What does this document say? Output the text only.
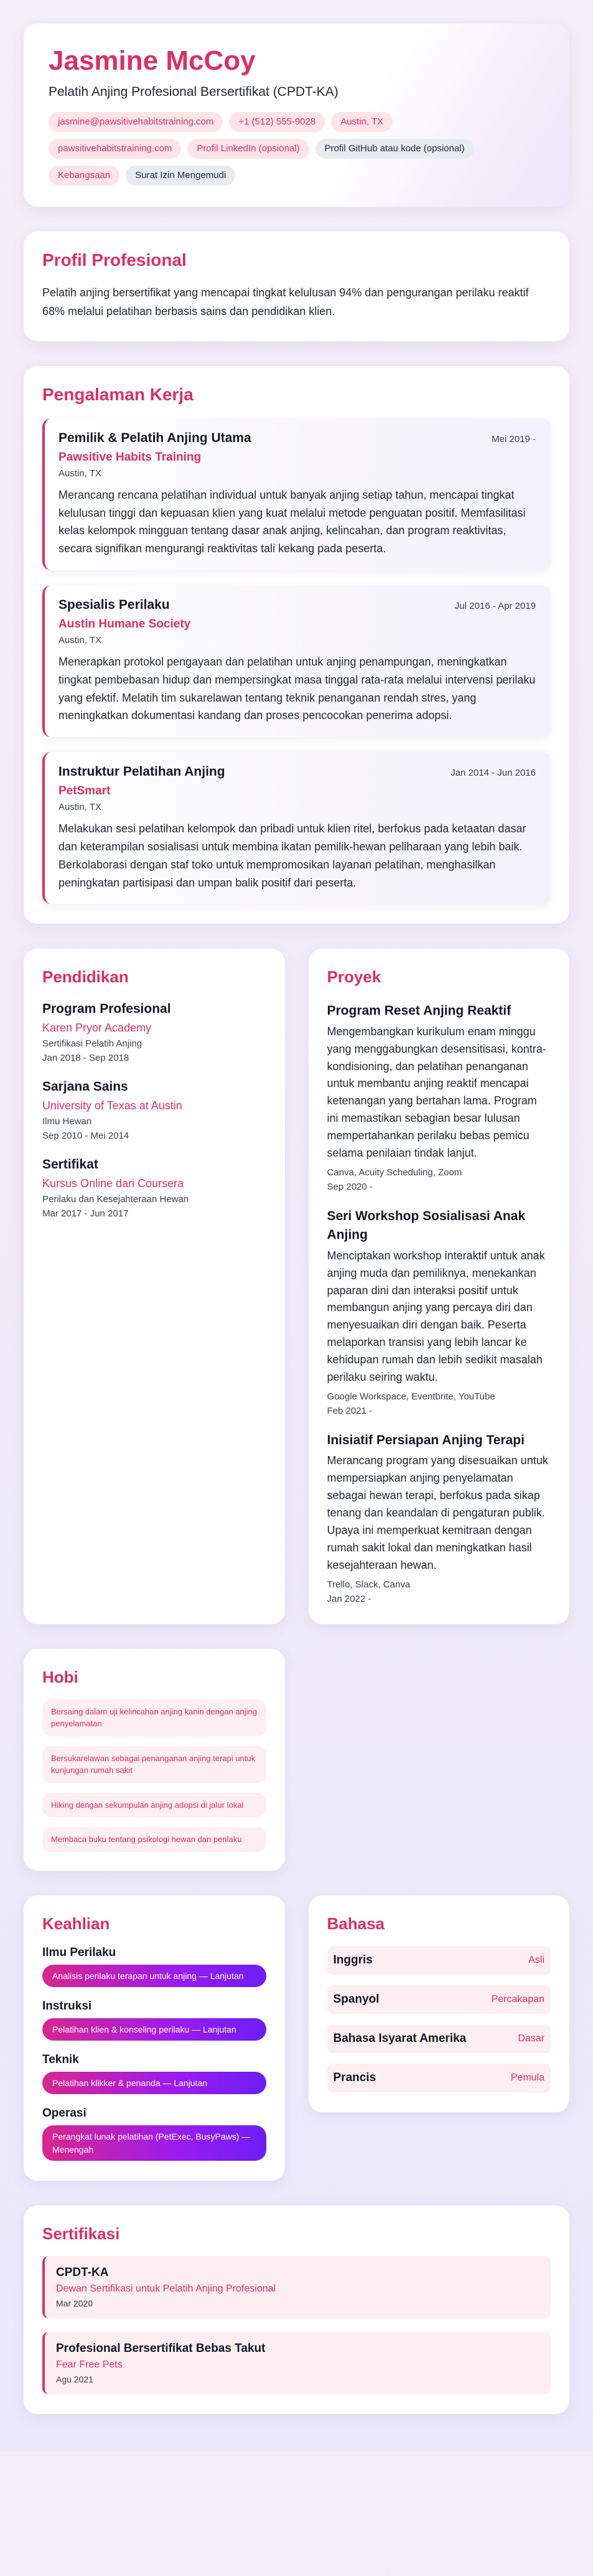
Jasmine McCoy
Pelatih Anjing Profesional Bersertifikat (CPDT-KA)
jasmine@pawsitivehabitstraining.com	+1 (512) 555-9028	Austin, TX
pawsitivehabitstraining.com	Profil LinkedIn (opsional)	Profil GitHub atau kode (opsional)
Kebangsaan	Surat Izin Mengemudi
Profil Profesional
Pelatih anjing bersertifikat yang mencapai tingkat kelulusan 94% dan pengurangan perilaku reaktif 68% melalui pelatihan berbasis sains dan pendidikan klien.
Pengalaman Kerja
Pemilik & Pelatih Anjing Utama	Mei 2019 -
Pawsitive Habits Training
Austin, TX
Merancang rencana pelatihan individual untuk banyak anjing setiap tahun, mencapai tingkat kelulusan tinggi dan kepuasan klien yang kuat melalui metode penguatan positif. Memfasilitasi kelas kelompok mingguan tentang dasar anak anjing, kelincahan, dan program reaktivitas, secara signifikan mengurangi reaktivitas tali kekang pada peserta.
Spesialis Perilaku	Jul 2016 - Apr 2019
Austin Humane Society
Austin, TX
Menerapkan protokol pengayaan dan pelatihan untuk anjing penampungan, meningkatkan tingkat pembebasan hidup dan mempersingkat masa tinggal rata-rata melalui intervensi perilaku yang efektif. Melatih tim sukarelawan tentang teknik penanganan rendah stres, yang meningkatkan dokumentasi kandang dan proses pencocokan penerima adopsi.
Instruktur Pelatihan Anjing	Jan 2014 - Jun 2016
PetSmart
Austin, TX
Melakukan sesi pelatihan kelompok dan pribadi untuk klien ritel, berfokus pada ketaatan dasar dan keterampilan sosialisasi untuk membina ikatan pemilik-hewan peliharaan yang lebih baik. Berkolaborasi dengan staf toko untuk mempromosikan layanan pelatihan, menghasilkan peningkatan partisipasi dan umpan balik positif dari peserta.
Pendidikan
Program Profesional
Karen Pryor Academy
Sertifikasi Pelatih Anjing
Jan 2018 - Sep 2018
Sarjana Sains
University of Texas at Austin
Ilmu Hewan
Sep 2010 - Mei 2014
Sertifikat
Kursus Online dari Coursera
Perilaku dan Kesejahteraan Hewan
Mar 2017 - Jun 2017
Proyek
Program Reset Anjing Reaktif
Mengembangkan kurikulum enam minggu yang menggabungkan desensitisasi, kontra-kondisioning, dan pelatihan penanganan untuk membantu anjing reaktif mencapai ketenangan yang bertahan lama. Program ini memastikan sebagian besar lulusan mempertahankan perilaku bebas pemicu selama penilaian tindak lanjut.
Canva, Acuity Scheduling, Zoom
Sep 2020 -
Seri Workshop Sosialisasi Anak Anjing
Menciptakan workshop interaktif untuk anak anjing muda dan pemiliknya, menekankan paparan dini dan interaksi positif untuk membangun anjing yang percaya diri dan menyesuaikan diri dengan baik. Peserta melaporkan transisi yang lebih lancar ke kehidupan rumah dan lebih sedikit masalah perilaku seiring waktu.
Google Workspace, Eventbrite, YouTube
Feb 2021 -
Inisiatif Persiapan Anjing Terapi
Merancang program yang disesuaikan untuk mempersiapkan anjing penyelamatan sebagai hewan terapi, berfokus pada sikap tenang dan keandalan di pengaturan publik. Upaya ini memperkuat kemitraan dengan rumah sakit lokal dan meningkatkan hasil kesejahteraan hewan.
Trello, Slack, Canva
Jan 2022 -
Hobi
Bersaing dalam uji kelincahan anjing kanin dengan anjing penyelamatan
Bersukarelawan sebagai penanganan anjing terapi untuk kunjungan rumah sakit
Hiking dengan sekumpulan anjing adopsi di jalur lokal
Membaca buku tentang psikologi hewan dan perilaku
Keahlian
Ilmu Perilaku
Analisis perilaku terapan untuk anjing — Lanjutan
Instruksi
Pelatihan klien & konseling perilaku — Lanjutan
Teknik
Pelatihan klikker & penanda — Lanjutan
Operasi
Perangkat lunak pelatihan (PetExec, BusyPaws) — Menengah
Bahasa
Inggris	Asli
Spanyol	Percakapan
Bahasa Isyarat Amerika	Dasar
Prancis	Pemula
Sertifikasi
CPDT-KA
Dewan Sertifikasi untuk Pelatih Anjing Profesional
Mar 2020
Profesional Bersertifikat Bebas Takut
Fear Free Pets
Agu 2021
